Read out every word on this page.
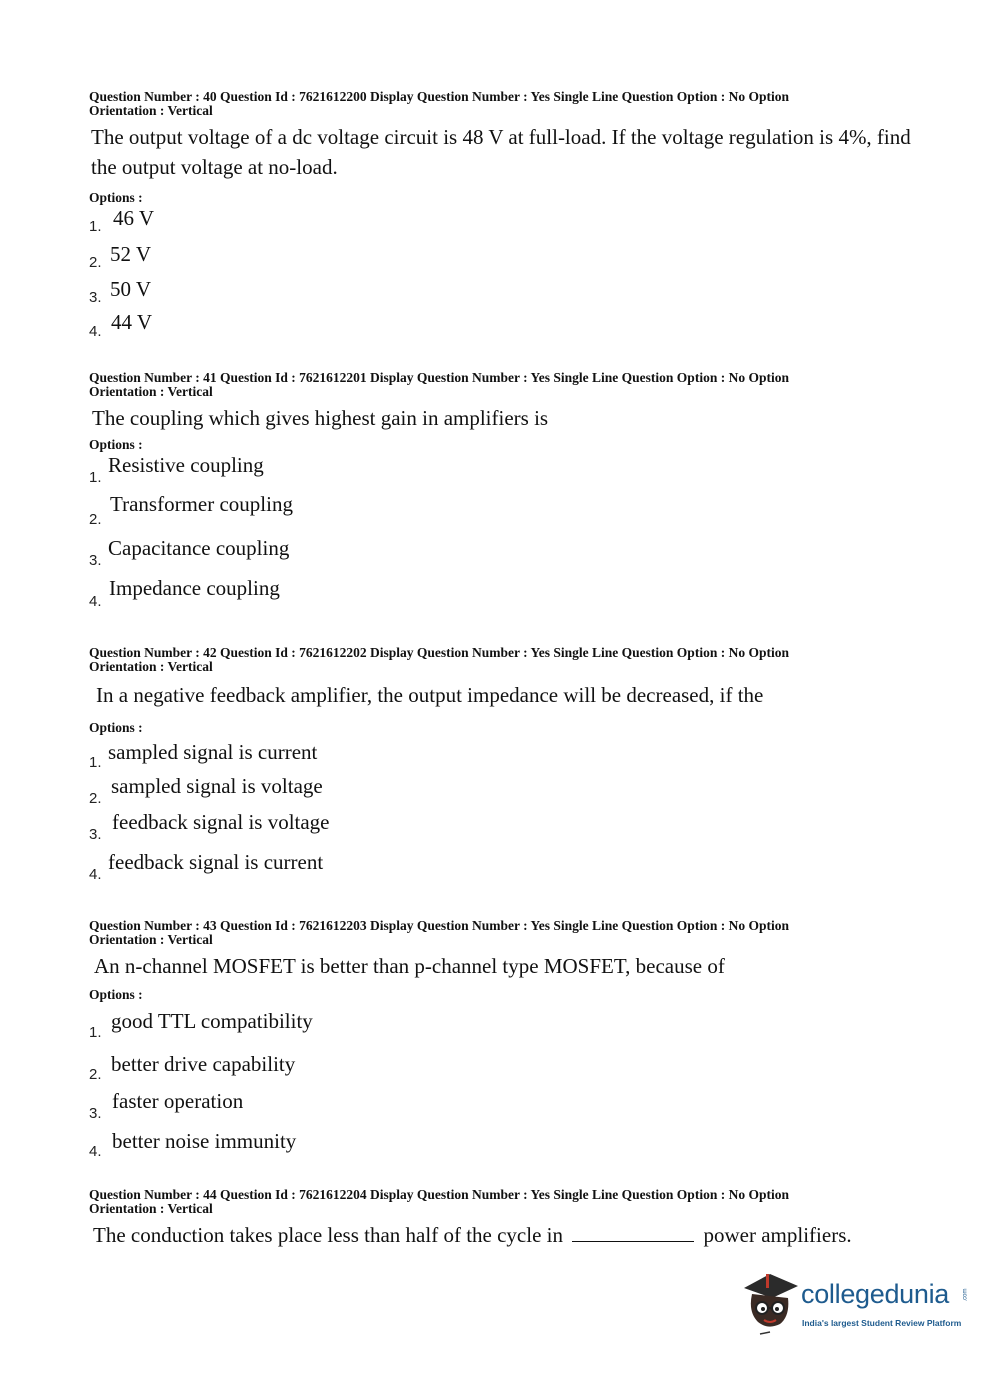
Question Number : 40 Question Id : 7621612200 Display Question Number : Yes Single Line Question Option : No Option
Orientation : Vertical
The output voltage of a dc voltage circuit is 48 V at full-load. If the voltage regulation is 4%, find the output voltage at no-load.
Options :
1. 46 V
2. 52 V
3. 50 V
4. 44 V
Question Number : 41 Question Id : 7621612201 Display Question Number : Yes Single Line Question Option : No Option
Orientation : Vertical
The coupling which gives highest gain in amplifiers is
Options :
1.
Resistive coupling
2.
Transformer coupling
3.
Capacitance coupling
4.
Impedance coupling
Question Number : 42 Question Id : 7621612202 Display Question Number : Yes Single Line Question Option : No Option
Orientation : Vertical
In a negative feedback amplifier, the output impedance will be decreased, if the
Options :
1. sampled signal is current
2.
sampled signal is voltage
3.
feedback signal is voltage
4.
feedback signal is current
Question Number : 43 Question Id : 7621612203 Display Question Number : Yes Single Line Question Option : No Option
Orientation : Vertical
An n-channel MOSFET is better than p-channel type MOSFET, because of
Options :
1. good TTL compatibility
2. better drive capability
3.
faster operation
4. better noise immunity
Question Number : 44 Question Id : 7621612204 Display Question Number : Yes Single Line Question Option : No Option
Orientation : Vertical
The conduction takes place less than half of the cycle in	power amplifiers.
collegedunia .com
India's largest Student Review Platform
